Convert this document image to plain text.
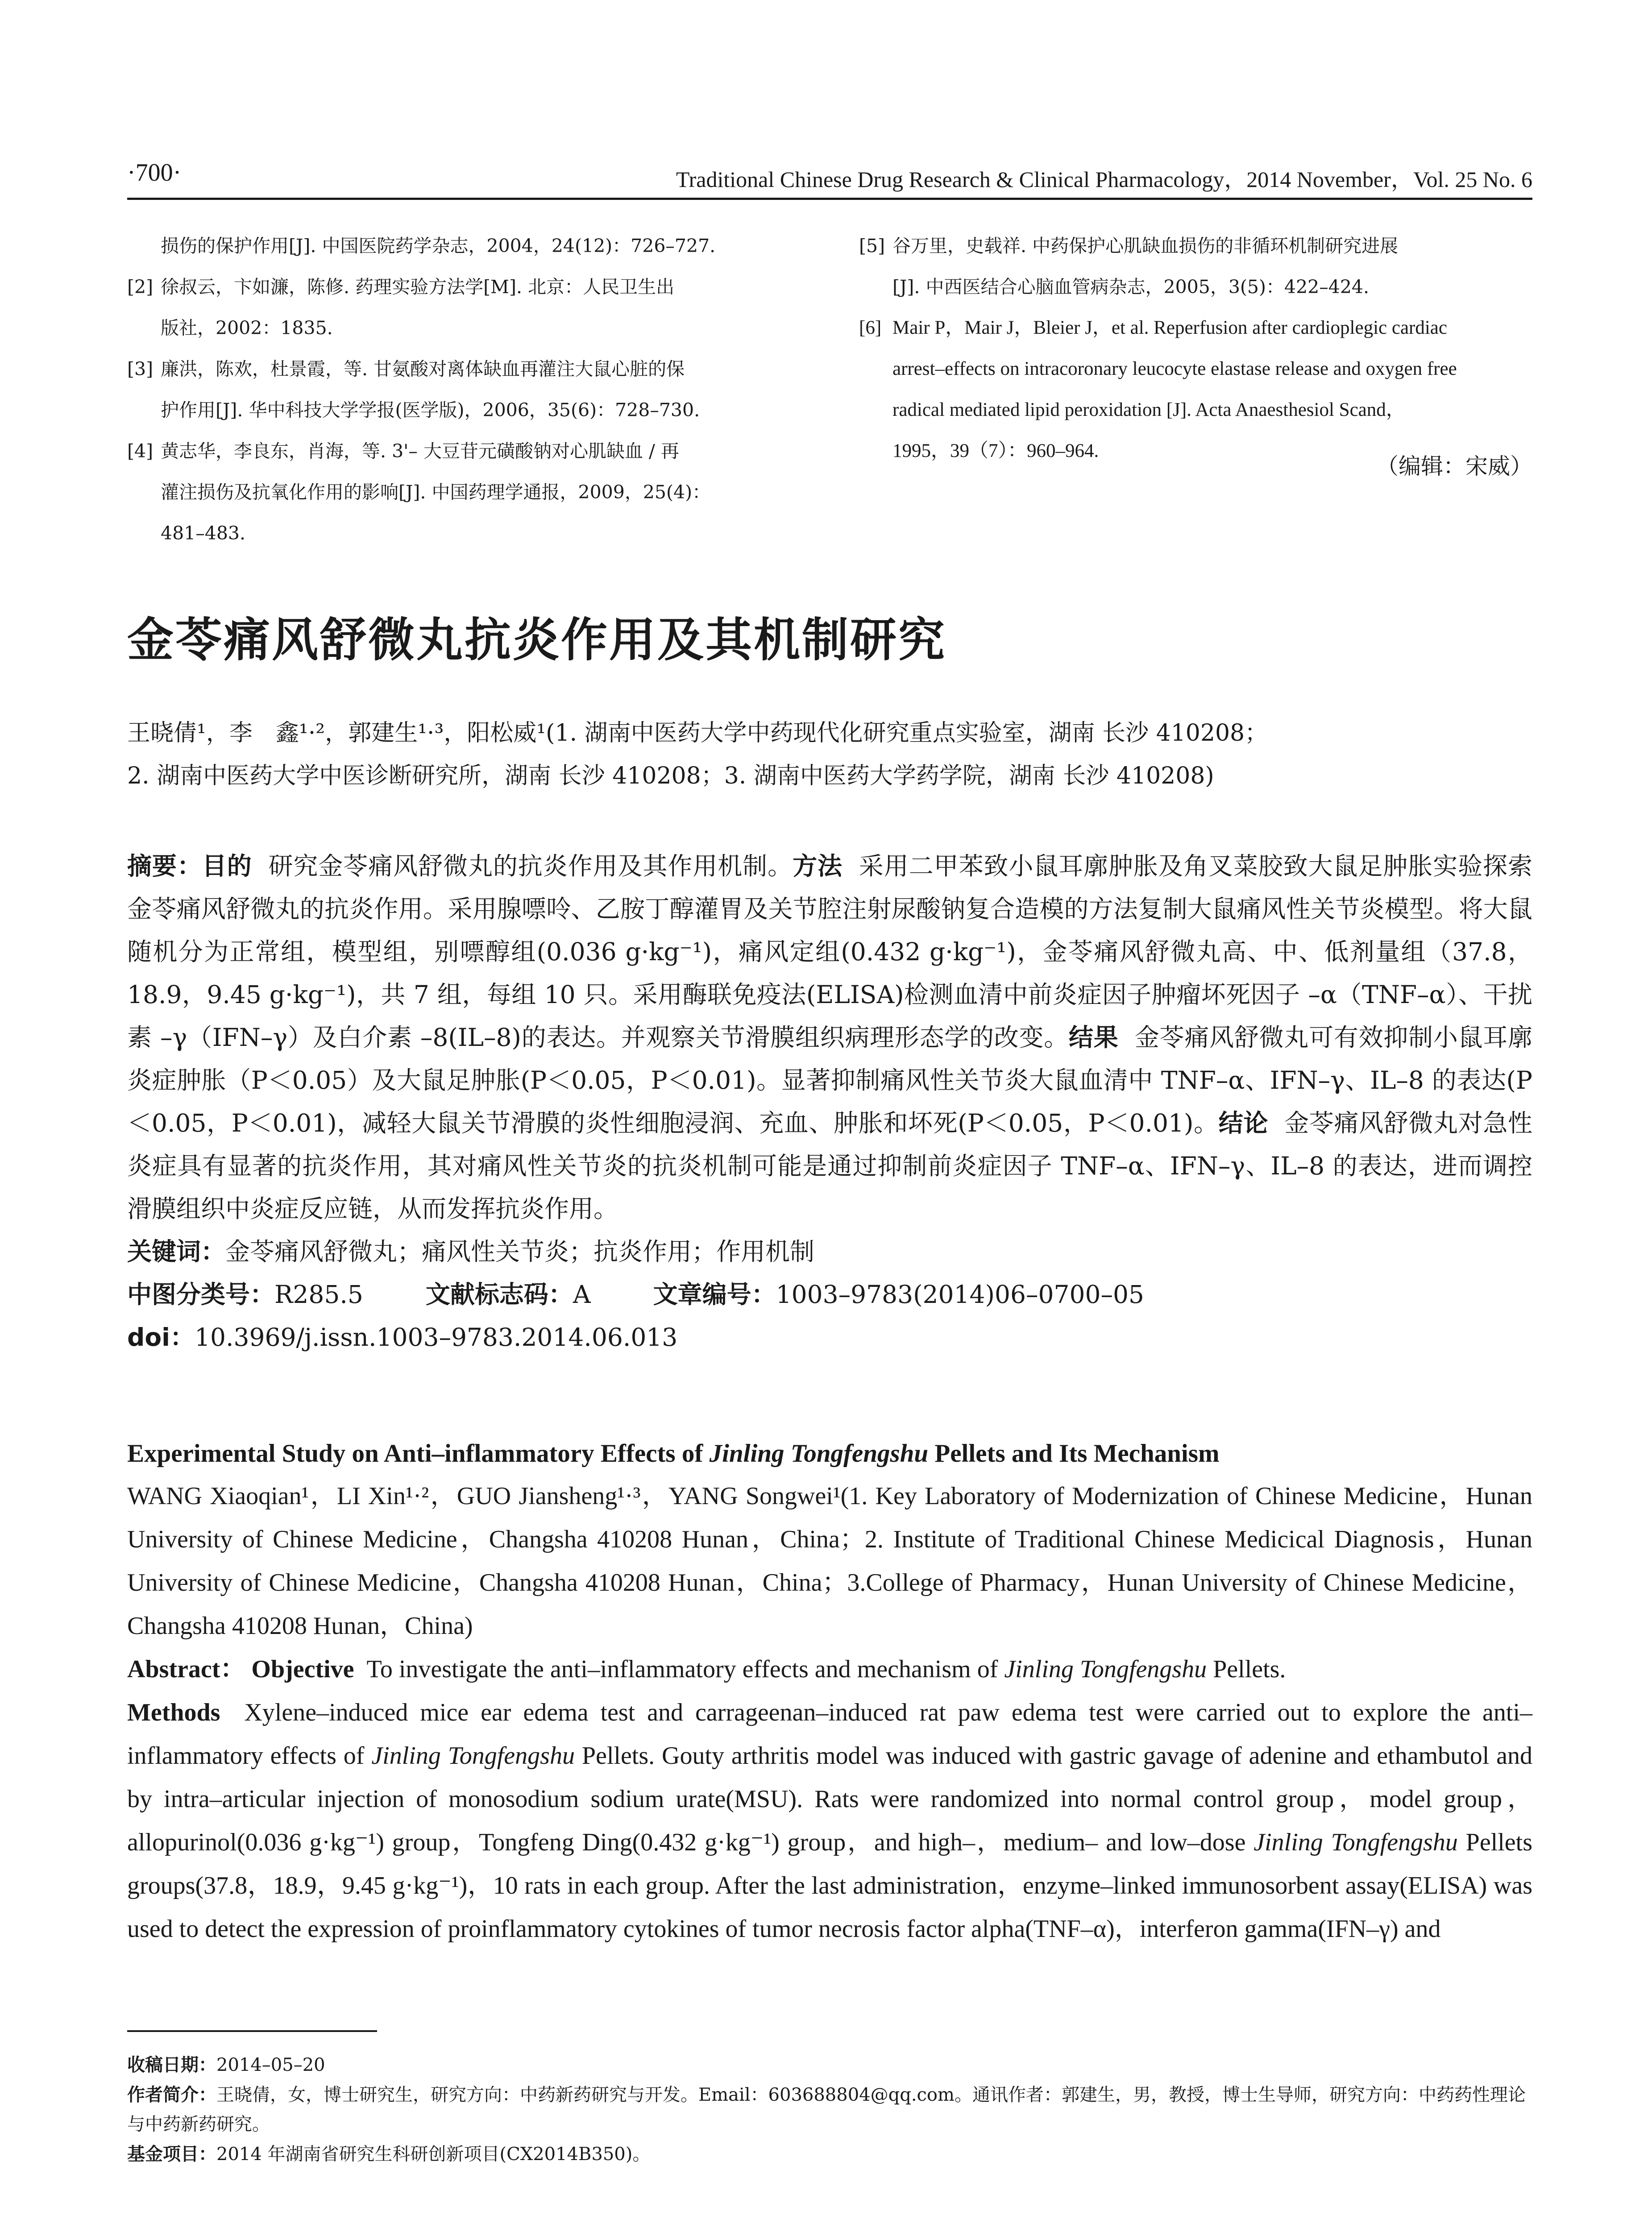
·700·	Traditional Chinese Drug Research & Clinical Pharmacology，2014 November，Vol. 25 No. 6
损伤的保护作用[J]. 中国医院药学杂志，2004，24(12)：726–727.
[2] 徐叔云，卞如濂，陈修. 药理实验方法学[M]. 北京：人民卫生出
版社，2002：1835.
[3] 廉洪，陈欢，杜景霞，等. 甘氨酸对离体缺血再灌注大鼠心脏的保
护作用[J]. 华中科技大学学报(医学版)，2006，35(6)：728–730.
[4] 黄志华，李良东，肖海，等. 3'– 大豆苷元磺酸钠对心肌缺血 / 再
灌注损伤及抗氧化作用的影响[J]. 中国药理学通报，2009，25(4)：
481–483.
[5] 谷万里，史载祥. 中药保护心肌缺血损伤的非循环机制研究进展
[J]. 中西医结合心脑血管病杂志，2005，3(5)：422–424.
[6] Mair P，Mair J，Bleier J，et al. Reperfusion after cardioplegic cardiac
arrest–effects on intracoronary leucocyte elastase release and oxygen free
radical mediated lipid peroxidation [J]. Acta Anaesthesiol Scand，
1995，39（7）：960–964.
（编辑：宋威）
金苓痛风舒微丸抗炎作用及其机制研究
王晓倩¹，李　鑫¹·²，郭建生¹·³，阳松威¹(1. 湖南中医药大学中药现代化研究重点实验室，湖南 长沙 410208；
2. 湖南中医药大学中医诊断研究所，湖南 长沙 410208；3. 湖南中医药大学药学院，湖南 长沙 410208)
摘要：目的 研究金苓痛风舒微丸的抗炎作用及其作用机制。方法 采用二甲苯致小鼠耳廓肿胀及角叉菜胶致大鼠足肿胀实验探索金苓痛风舒微丸的抗炎作用。采用腺嘌呤、乙胺丁醇灌胃及关节腔注射尿酸钠复合造模的方法复制大鼠痛风性关节炎模型。将大鼠随机分为正常组，模型组，别嘌醇组(0.036 g·kg⁻¹)，痛风定组(0.432 g·kg⁻¹)，金苓痛风舒微丸高、中、低剂量组（37.8，18.9，9.45 g·kg⁻¹)，共 7 组，每组 10 只。采用酶联免疫法(ELISA)检测血清中前炎症因子肿瘤坏死因子 –α（TNF–α）、干扰素 –γ（IFN–γ）及白介素 –8(IL–8)的表达。并观察关节滑膜组织病理形态学的改变。结果 金苓痛风舒微丸可有效抑制小鼠耳廓炎症肿胀（P＜0.05）及大鼠足肿胀(P＜0.05，P＜0.01)。显著抑制痛风性关节炎大鼠血清中 TNF–α、IFN–γ、IL–8 的表达(P＜0.05，P＜0.01)，减轻大鼠关节滑膜的炎性细胞浸润、充血、肿胀和坏死(P＜0.05，P＜0.01)。结论 金苓痛风舒微丸对急性炎症具有显著的抗炎作用，其对痛风性关节炎的抗炎机制可能是通过抑制前炎症因子 TNF–α、IFN–γ、IL–8 的表达，进而调控滑膜组织中炎症反应链，从而发挥抗炎作用。
关键词：金苓痛风舒微丸；痛风性关节炎；抗炎作用；作用机制
中图分类号：R285.5	文献标志码：A	文章编号：1003–9783(2014)06–0700–05
doi：10.3969/j.issn.1003–9783.2014.06.013
Experimental Study on Anti–inflammatory Effects of Jinling Tongfengshu Pellets and Its Mechanism
WANG Xiaoqian¹，LI Xin¹·²，GUO Jiansheng¹·³，YANG Songwei¹(1. Key Laboratory of Modernization of Chinese Medicine，Hunan University of Chinese Medicine，Changsha 410208 Hunan，China；2. Institute of Traditional Chinese Medicical Diagnosis，Hunan University of Chinese Medicine，Changsha 410208 Hunan，China；3.College of Pharmacy，Hunan University of Chinese Medicine，Changsha 410208 Hunan，China)
Abstract： Objective To investigate the anti–inflammatory effects and mechanism of Jinling Tongfengshu Pellets.
Methods Xylene–induced mice ear edema test and carrageenan–induced rat paw edema test were carried out to explore the anti–inflammatory effects of Jinling Tongfengshu Pellets. Gouty arthritis model was induced with gastric gavage of adenine and ethambutol and by intra–articular injection of monosodium sodium urate(MSU). Rats were randomized into normal control group，model group，allopurinol(0.036 g·kg⁻¹) group，Tongfeng Ding(0.432 g·kg⁻¹) group，and high–，medium– and low–dose Jinling Tongfengshu Pellets groups(37.8，18.9，9.45 g·kg⁻¹)，10 rats in each group. After the last administration，enzyme–linked immunosorbent assay(ELISA) was used to detect the expression of proinflammatory cytokines of tumor necrosis factor alpha(TNF–α)，interferon gamma(IFN–γ) and
收稿日期：2014–05–20
作者简介：王晓倩，女，博士研究生，研究方向：中药新药研究与开发。Email：603688804@qq.com。通讯作者：郭建生，男，教授，博士生导师，研究方向：中药药性理论与中药新药研究。
基金项目：2014 年湖南省研究生科研创新项目(CX2014B350)。
